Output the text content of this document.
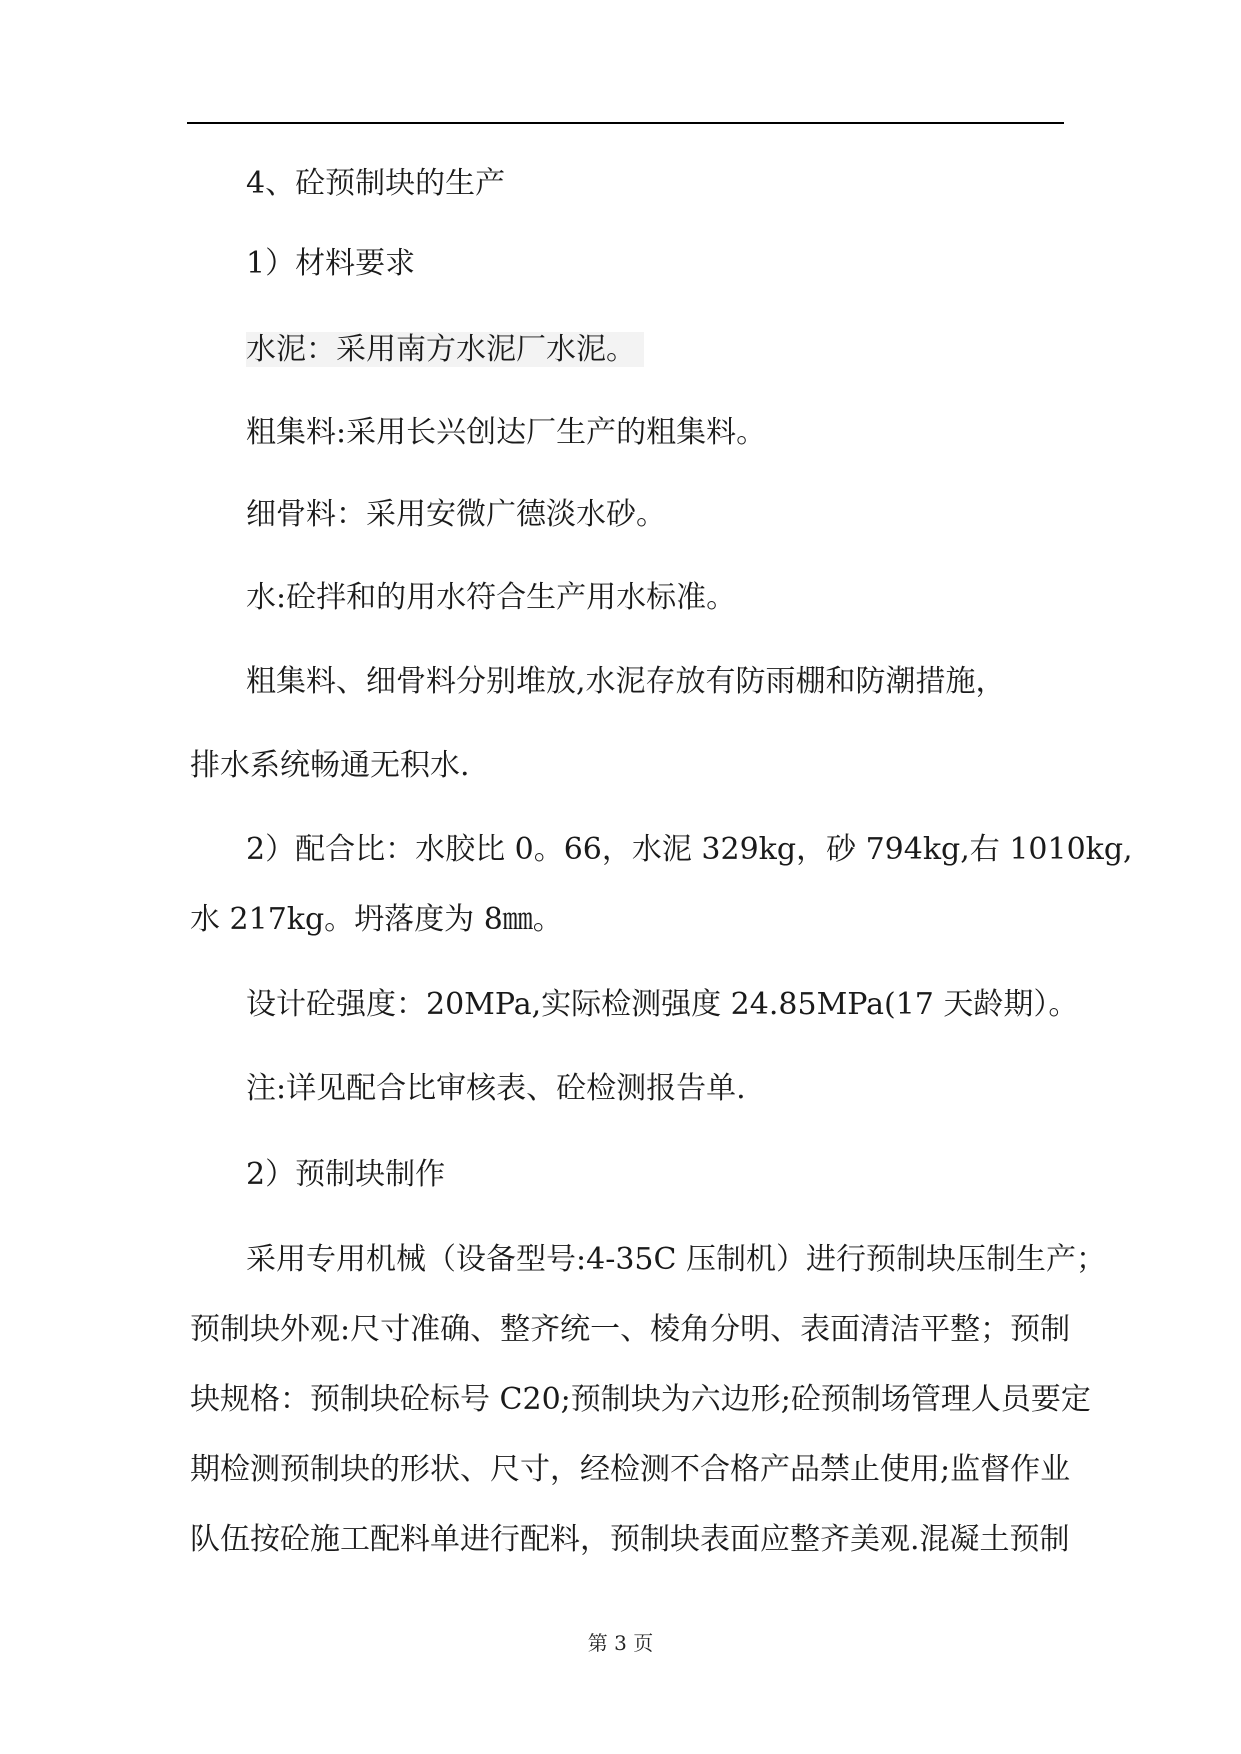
4、砼预制块的生产
1）材料要求
水泥：采用南方水泥厂水泥。
粗集料:采用长兴创达厂生产的粗集料。
细骨料：采用安微广德淡水砂。
水:砼拌和的用水符合生产用水标准。
粗集料、细骨料分别堆放,水泥存放有防雨棚和防潮措施，
排水系统畅通无积水.
2）配合比：水胶比 0。66，水泥 329kg，砂 794kg,右 1010kg,
水 217kg。坍落度为 8㎜。
设计砼强度：20MPa,实际检测强度 24.85MPa(17 天龄期）。
注:详见配合比审核表、砼检测报告单.
2）预制块制作
采用专用机械（设备型号:4-35C 压制机）进行预制块压制生产；
预制块外观:尺寸准确、整齐统一、棱角分明、表面清洁平整；预制
块规格：预制块砼标号 C20;预制块为六边形;砼预制场管理人员要定
期检测预制块的形状、尺寸，经检测不合格产品禁止使用;监督作业
队伍按砼施工配料单进行配料，预制块表面应整齐美观.混凝土预制
第 3 页
